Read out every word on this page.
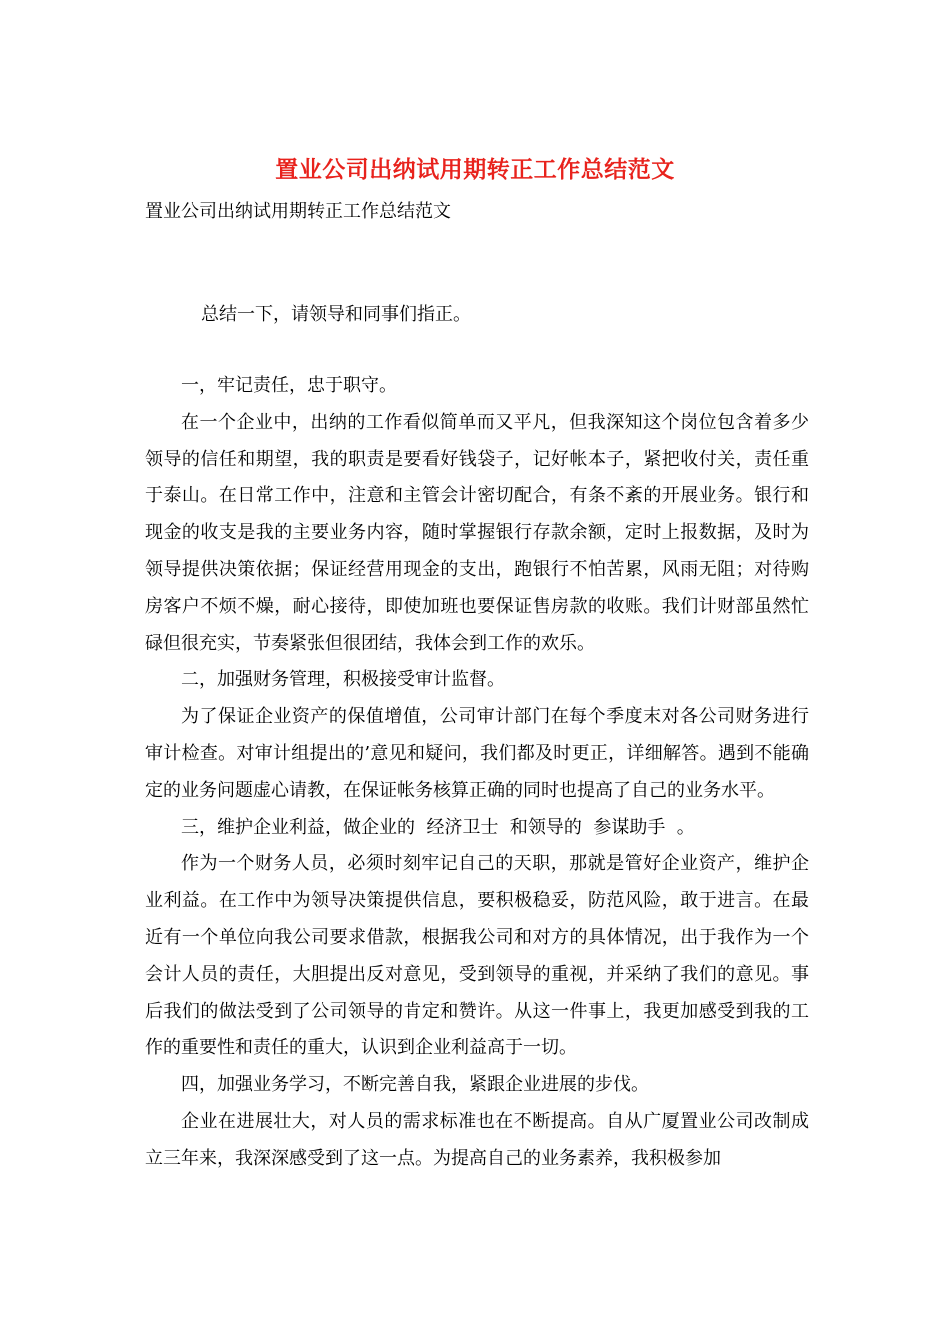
置业公司出纳试用期转正工作总结范文
置业公司出纳试用期转正工作总结范文
总结一下，请领导和同事们指正。

一，牢记责任，忠于职守。

在一个企业中，出纳的工作看似简单而又平凡，但我深知这个岗位包含着多少领导的信任和期望，我的职责是要看好钱袋子，记好帐本子，紧把收付关，责任重于泰山。在日常工作中，注意和主管会计密切配合，有条不紊的开展业务。银行和现金的收支是我的主要业务内容，随时掌握银行存款余额，定时上报数据，及时为领导提供决策依据；保证经营用现金的支出，跑银行不怕苦累，风雨无阻；对待购房客户不烦不燥，耐心接待，即使加班也要保证售房款的收账。我们计财部虽然忙碌但很充实，节奏紧张但很团结，我体会到工作的欢乐。

二，加强财务管理，积极接受审计监督。

为了保证企业资产的保值增值，公司审计部门在每个季度末对各公司财务进行审计检查。对审计组提出的’意见和疑问，我们都及时更正，详细解答。遇到不能确定的业务问题虚心请教，在保证帐务核算正确的同时也提高了自己的业务水平。

三，维护企业利益，做企业的  经济卫士  和领导的  参谋助手  。

作为一个财务人员，必须时刻牢记自己的天职，那就是管好企业资产，维护企业利益。在工作中为领导决策提供信息，要积极稳妥，防范风险，敢于进言。在最近有一个单位向我公司要求借款，根据我公司和对方的具体情况，出于我作为一个会计人员的责任，大胆提出反对意见，受到领导的重视，并采纳了我们的意见。事后我们的做法受到了公司领导的肯定和赞许。从这一件事上，我更加感受到我的工作的重要性和责任的重大，认识到企业利益高于一切。

四，加强业务学习，不断完善自我，紧跟企业进展的步伐。

企业在进展壮大，对人员的需求标准也在不断提高。自从广厦置业公司改制成立三年来，我深深感受到了这一点。为提高自己的业务素养，我积极参加
